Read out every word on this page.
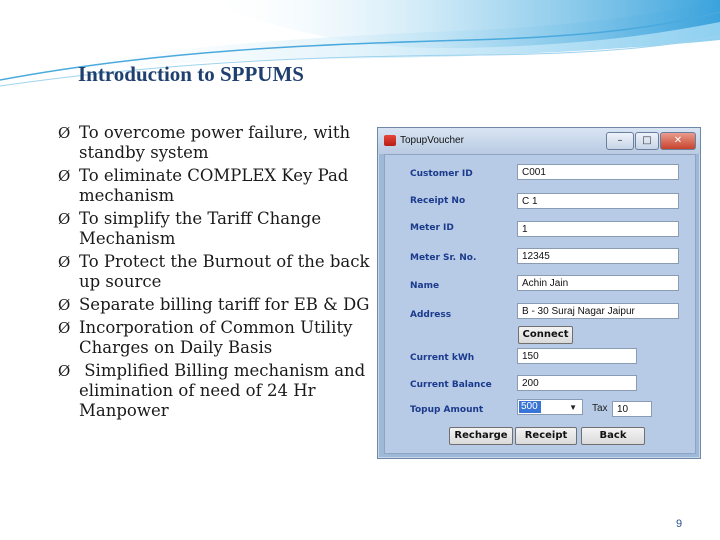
Introduction to SPPUMS
Ø To overcome power failure, with standby system
Ø To eliminate COMPLEX Key Pad mechanism
Ø To simplify the Tariff Change Mechanism
Ø To Protect the Burnout of the back up source
Ø Separate billing tariff for EB & DG
Ø Incorporation of Common Utility Charges on Daily Basis
Ø Simplified Billing mechanism and elimination of need of 24 Hr Manpower
TopupVoucher	–	□	✕
Customer ID	C001
Receipt No	C 1
Meter ID	1
Meter Sr. No.	12345
Name	Achin Jain
Address	B - 30 Suraj Nagar Jaipur
Connect
Current kWh	150
Current Balance	200
Topup Amount	500	▼ Tax 10
Recharge	Receipt	Back
9
